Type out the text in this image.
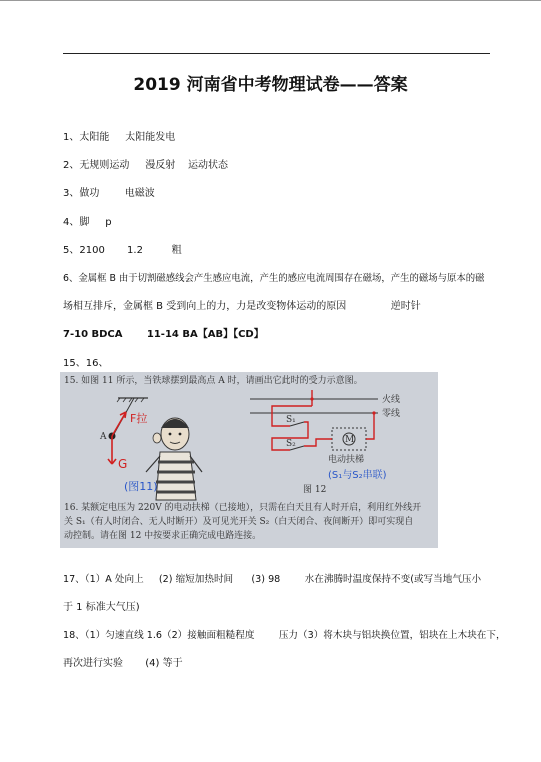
2019 河南省中考物理试卷——答案
1、太阳能     太阳能发电
2、无规则运动     漫反射    运动状态
3、做功        电磁波
4、脚     p
5、2100       1.2         粗
6、金属框 B 由于切割磁感线会产生感应电流，产生的感应电流周围存在磁场，产生的磁场与原本的磁
场相互排斥，金属框 B 受到向上的力，力是改变物体运动的原因              逆时针
7-10 BDCA       11-14 BA【AB】【CD】
15、16、
15. 如图 11 所示，当铁球摆到最高点 A 时，请画出它此时的受力示意图。
A
F拉
G
(图11)
火线
零线
S₁
S₂	M
电动扶梯
图 12
(S₁与S₂串联)
16. 某额定电压为 220V 的电动扶梯（已接地），只需在白天且有人时开启，利用红外线开
关 S₁（有人时闭合、无人时断开）及可见光开关 S₂（白天闭合、夜间断开）即可实现自
动控制。请在图 12 中按要求正确完成电路连接。
17、（1）A 处向上     (2) 缩短加热时间      (3) 98        水在沸腾时温度保持不变(或写当地气压小
于 1 标准大气压)
18、（1）匀速直线 1.6（2）接触面粗糙程度        压力（3）将木块与铝块换位置，铝块在上木块在下，
再次进行实验       (4) 等于
